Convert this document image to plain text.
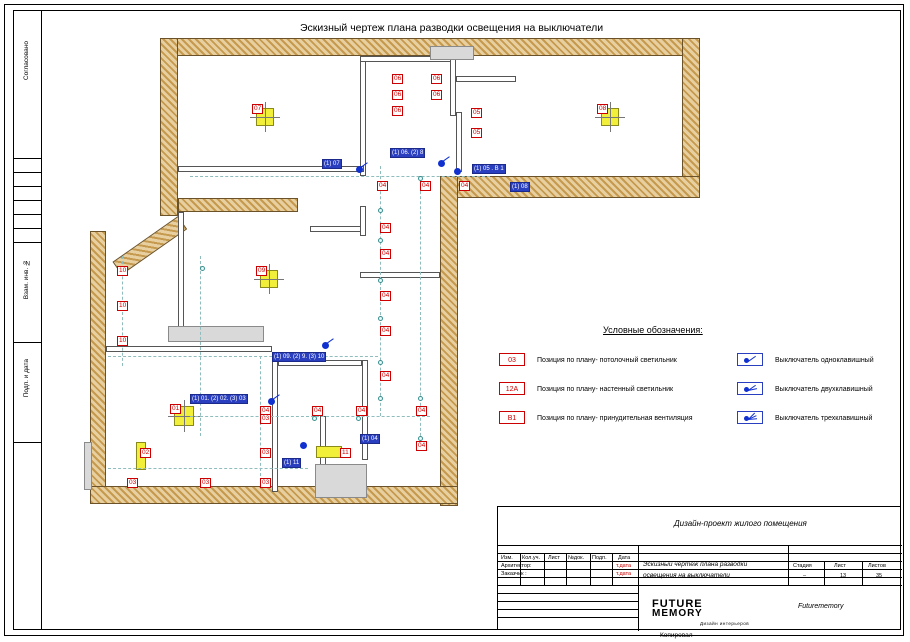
Эскизный чертеж плана разводки освещения на выключатели
Согласовано
Взам. инв. №
Подп. и дата
07	08
06	06
06	06
06	05
05
04	04	04
04
04
04
04
04
04
04
04
04
04
09
10
10
10
01
02
03	03	03
03
03
11
(1) 07
(1) 06. (2) 8
(1) 05 . В 1
(1) 08
(1) 09. (2) 9. (3) 10
(1) 01. (2) 02. (3) 03
(1) 11
(1) 04
Условные обозначения:
03	Позиция по плану- потолочный светильник	Выключатель одноклавишный
12А	Позиция по плану- настенный светильник	Выключатель двухклавишный
В1	Позиция по плану- принудительная вентиляция	Выключатель трехклавишный
Дизайн-проект жилого помещения
Изм. Кол.уч. Лист №док. Подп. Дата
Архитектор:
Заказчик :
т.дата
т.дата
Эскизный чертеж плана разводки
освещения на выключатели
Стадия	Лист	Листов
–	13	35
Futurememory
FUTURE
MEMORY
Дизайн интерьеров
Копировал
